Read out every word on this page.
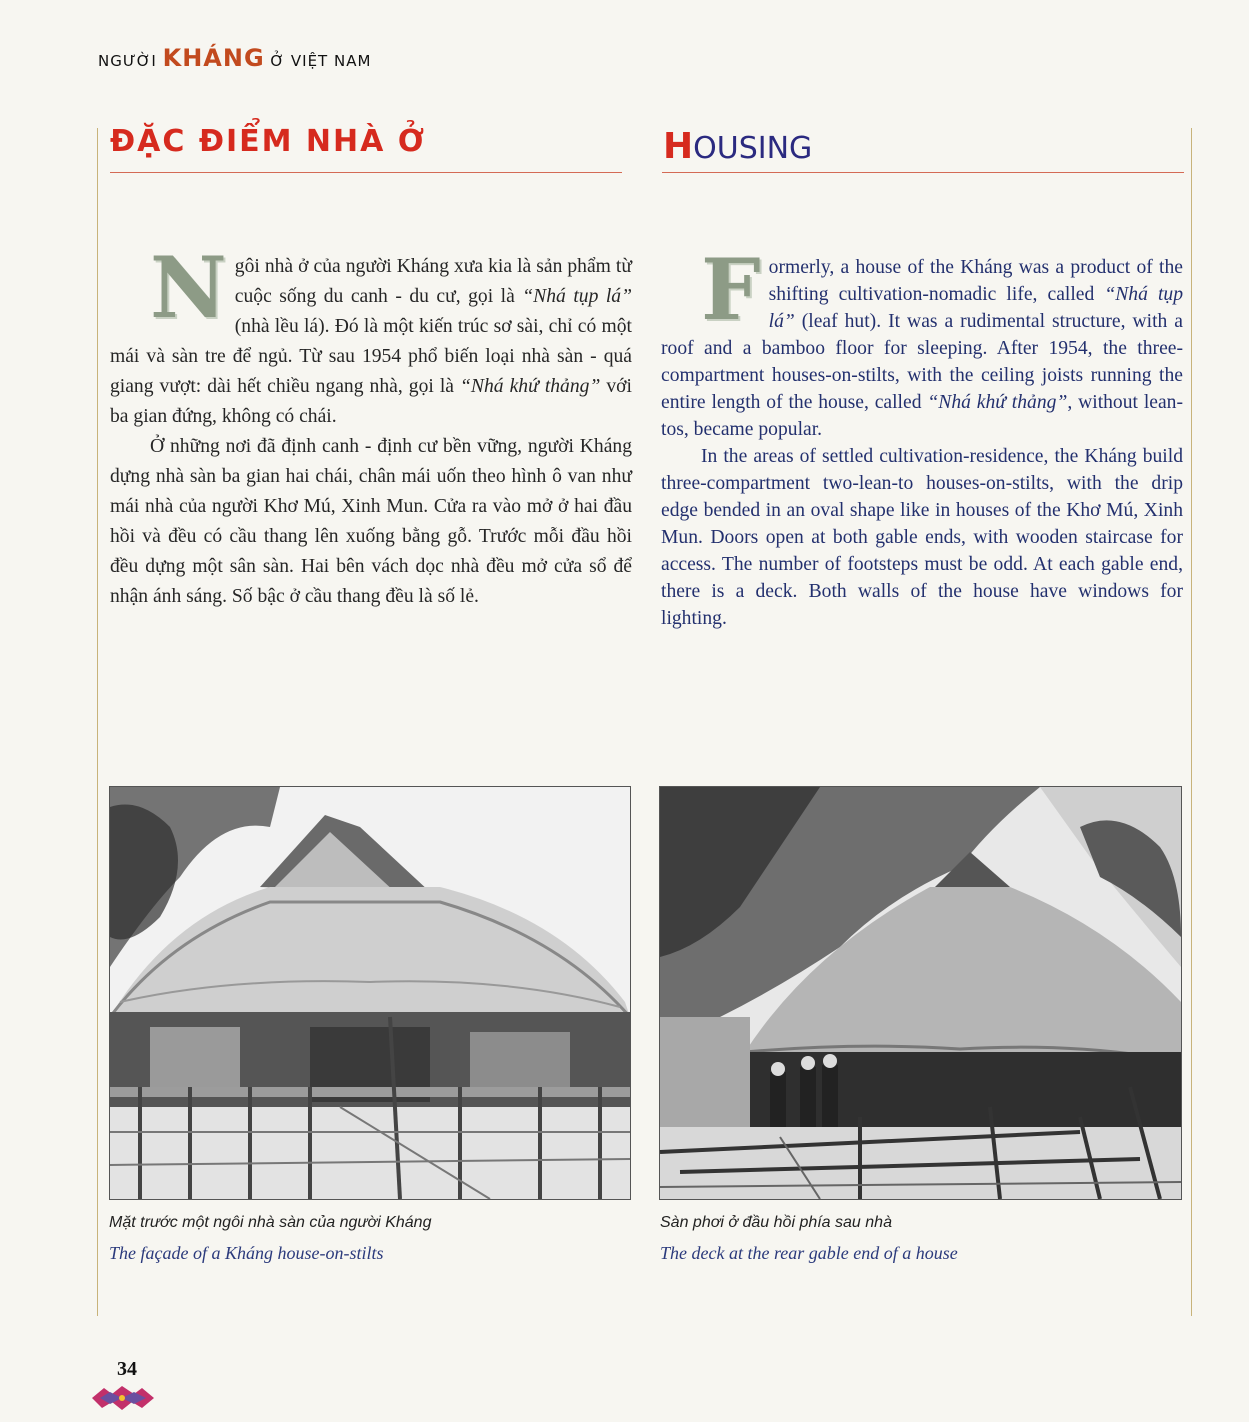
NGƯỜI KHÁNG Ở VIỆT NAM
ĐẶC ĐIỂM NHÀ Ở	HOUSING

Ngôi nhà ở của người Kháng xưa kia là sản phẩm từ cuộc sống du canh - du cư, gọi là “Nhá tụp lá” (nhà lều lá). Đó là một kiến trúc sơ sài, chỉ có một mái và sàn tre để ngủ. Từ sau 1954 phổ biến loại nhà sàn - quá giang vượt: dài hết chiều ngang nhà, gọi là “Nhá khứ thảng” với ba gian đứng, không có chái.

Ở những nơi đã định canh - định cư bền vững, người Kháng dựng nhà sàn ba gian hai chái, chân mái uốn theo hình ô van như mái nhà của người Khơ Mú, Xinh Mun. Cửa ra vào mở ở hai đầu hồi và đều có cầu thang lên xuống bằng gỗ. Trước mỗi đầu hồi đều dựng một sân sàn. Hai bên vách dọc nhà đều mở cửa sổ để nhận ánh sáng. Số bậc ở cầu thang đều là số lẻ.

Formerly, a house of the Kháng was a product of the shifting cultivation-nomadic life, called “Nhá tụp lá” (leaf hut). It was a rudimental structure, with a roof and a bamboo floor for sleeping. After 1954, the three-compartment houses-on-stilts, with the ceiling joists running the entire length of the house, called “Nhá khứ thảng”, without lean-tos, became popular.

In the areas of settled cultivation-residence, the Kháng build three-compartment two-lean-to houses-on-stilts, with the drip edge bended in an oval shape like in houses of the Khơ Mú, Xinh Mun. Doors open at both gable ends, with wooden staircase for access. The number of footsteps must be odd. At each gable end, there is a deck. Both walls of the house have windows for lighting.

Mặt trước một ngôi nhà sàn của người Kháng
The façade of a Kháng house-on-stilts
Sàn phơi ở đầu hồi phía sau nhà
The deck at the rear gable end of a house
34
